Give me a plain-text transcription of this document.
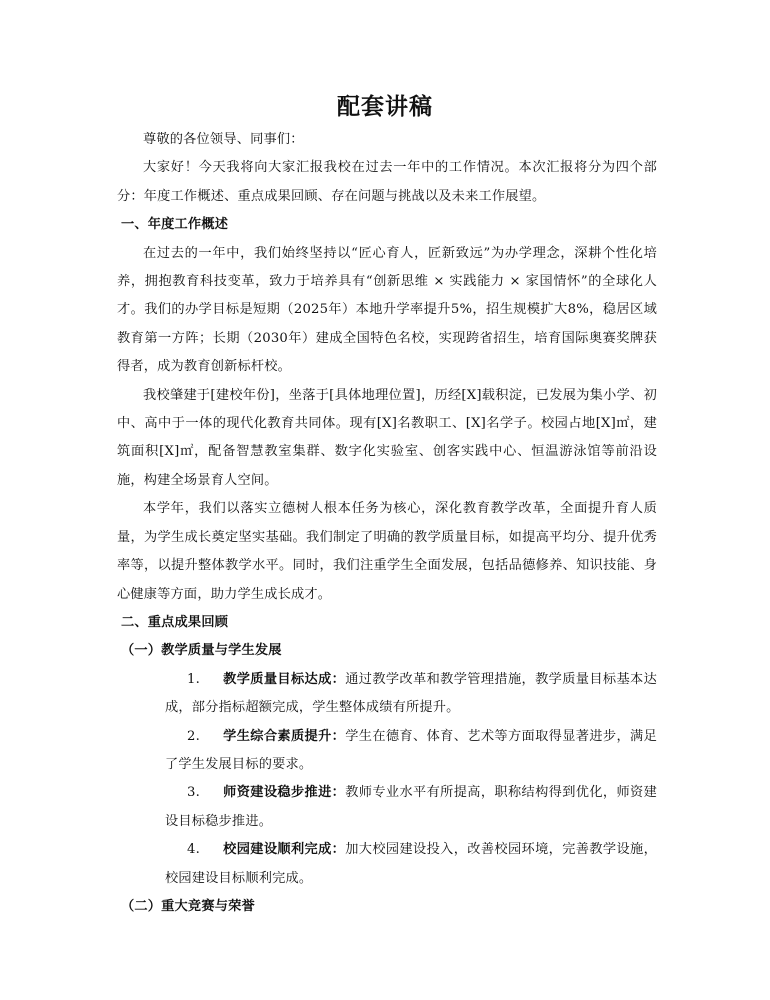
配套讲稿

尊敬的各位领导、同事们：

大家好！今天我将向大家汇报我校在过去一年中的工作情况。本次汇报将分为四个部分：年度工作概述、重点成果回顾、存在问题与挑战以及未来工作展望。

一、年度工作概述

在过去的一年中，我们始终坚持以“匠心育人，匠新致远”为办学理念，深耕个性化培养，拥抱教育科技变革，致力于培养具有“创新思维 × 实践能力 × 家国情怀”的全球化人才。我们的办学目标是短期（2025年）本地升学率提升5%，招生规模扩大8%，稳居区域教育第一方阵；长期（2030年）建成全国特色名校，实现跨省招生，培育国际奥赛奖牌获得者，成为教育创新标杆校。

我校肇建于[建校年份]，坐落于[具体地理位置]，历经[X]载积淀，已发展为集小学、初中、高中于一体的现代化教育共同体。现有[X]名教职工、[X]名学子。校园占地[X]㎡，建筑面积[X]㎡，配备智慧教室集群、数字化实验室、创客实践中心、恒温游泳馆等前沿设施，构建全场景育人空间。

本学年，我们以落实立德树人根本任务为核心，深化教育教学改革，全面提升育人质量，为学生成长奠定坚实基础。我们制定了明确的教学质量目标，如提高平均分、提升优秀率等，以提升整体教学水平。同时，我们注重学生全面发展，包括品德修养、知识技能、身心健康等方面，助力学生成长成才。

二、重点成果回顾

（一）教学质量与学生发展

1. 教学质量目标达成：通过教学改革和教学管理措施，教学质量目标基本达成，部分指标超额完成，学生整体成绩有所提升。

2. 学生综合素质提升：学生在德育、体育、艺术等方面取得显著进步，满足了学生发展目标的要求。

3. 师资建设稳步推进：教师专业水平有所提高，职称结构得到优化，师资建设目标稳步推进。

4. 校园建设顺利完成：加大校园建设投入，改善校园环境，完善教学设施，校园建设目标顺利完成。

（二）重大竞赛与荣誉
